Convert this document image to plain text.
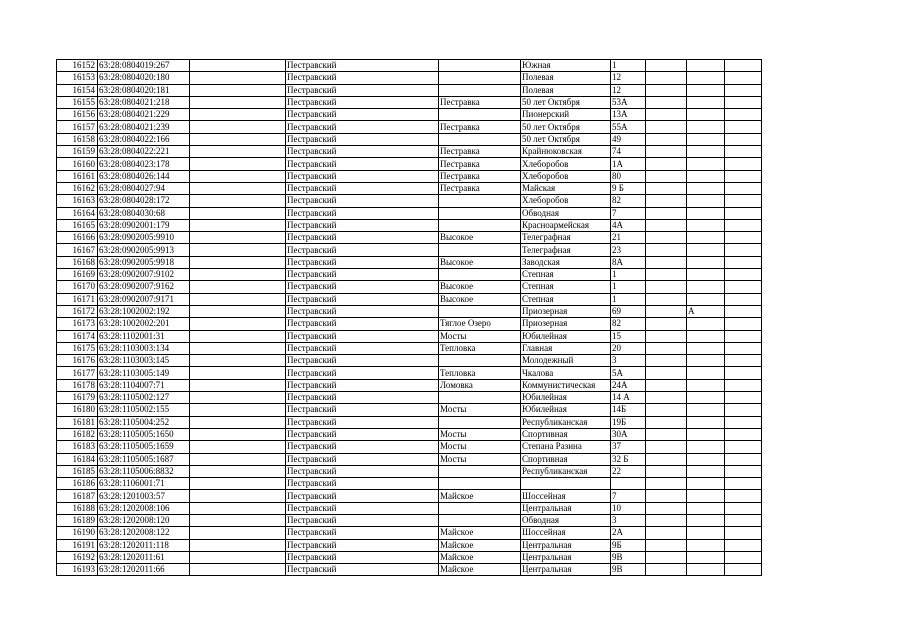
16152	63:28:0804019:267		Пестравский		Южная	1			
16153	63:28:0804020:180		Пестравский		Полевая	12			
16154	63:28:0804020:181		Пестравский		Полевая	12			
16155	63:28:0804021:218		Пестравский	Пестравка	50 лет Октября	53А			
16156	63:28:0804021:229		Пестравский		Пионерский	13А			
16157	63:28:0804021:239		Пестравский	Пестравка	50 лет Октября	55А			
16158	63:28:0804022:166		Пестравский		50 лет Октября	49			
16159	63:28:0804022:221		Пестравский	Пестравка	Крайнюковская	74			
16160	63:28:0804023:178		Пестравский	Пестравка	Хлеборобов	1А			
16161	63:28:0804026:144		Пестравский	Пестравка	Хлеборобов	80			
16162	63:28:0804027:94		Пестравский	Пестравка	Майская	9 Б			
16163	63:28:0804028:172		Пестравский		Хлеборобов	82			
16164	63:28:0804030:68		Пестравский		Обводная	7			
16165	63:28:0902001:179		Пестравский		Красноармейская	4А			
16166	63:28:0902005:9910		Пестравский	Высокое	Телеграфная	21			
16167	63:28:0902005:9913		Пестравский		Телеграфная	23			
16168	63:28:0902005:9918		Пестравский	Высокое	Заводская	8А			
16169	63:28:0902007:9102		Пестравский		Степная	1			
16170	63:28:0902007:9162		Пестравский	Высокое	Степная	1			
16171	63:28:0902007:9171		Пестравский	Высокое	Степная	1			
16172	63:28:1002002:192		Пестравский		Приозерная	69		А	
16173	63:28:1002002:201		Пестравский	Тяглое Озеро	Приозерная	82			
16174	63:28:1102001:31		Пестравский	Мосты	Юбилейная	15			
16175	63:28:1103003:134		Пестравский	Тепловка	Главная	20			
16176	63:28:1103003:145		Пестравский		Молодежный	3			
16177	63:28:1103005:149		Пестравский	Тепловка	Чкалова	5А			
16178	63:28:1104007:71		Пестравский	Ломовка	Коммунистическая	24А			
16179	63:28:1105002:127		Пестравский		Юбилейная	14 А			
16180	63:28:1105002:155		Пестравский	Мосты	Юбилейная	14Б			
16181	63:28:1105004:252		Пестравский		Республиканская	19Б			
16182	63:28:1105005:1650		Пестравский	Мосты	Спортивная	30А			
16183	63:28:1105005:1659		Пестравский	Мосты	Степана Разина	37			
16184	63:28:1105005:1687		Пестравский	Мосты	Спортивная	32 Б			
16185	63:28:1105006:8832		Пестравский		Республиканская	22			
16186	63:28:1106001:71		Пестравский						
16187	63:28:1201003:57		Пестравский	Майское	Шоссейная	7			
16188	63:28:1202008:106		Пестравский		Центральная	10			
16189	63:28:1202008:120		Пестравский		Обводная	3			
16190	63:28:1202008:122		Пестравский	Майское	Шоссейная	2А			
16191	63:28:1202011:118		Пестравский	Майское	Центральная	9Б			
16192	63:28:1202011:61		Пестравский	Майское	Центральная	9В			
16193	63:28:1202011:66		Пестравский	Майское	Центральная	9В			
